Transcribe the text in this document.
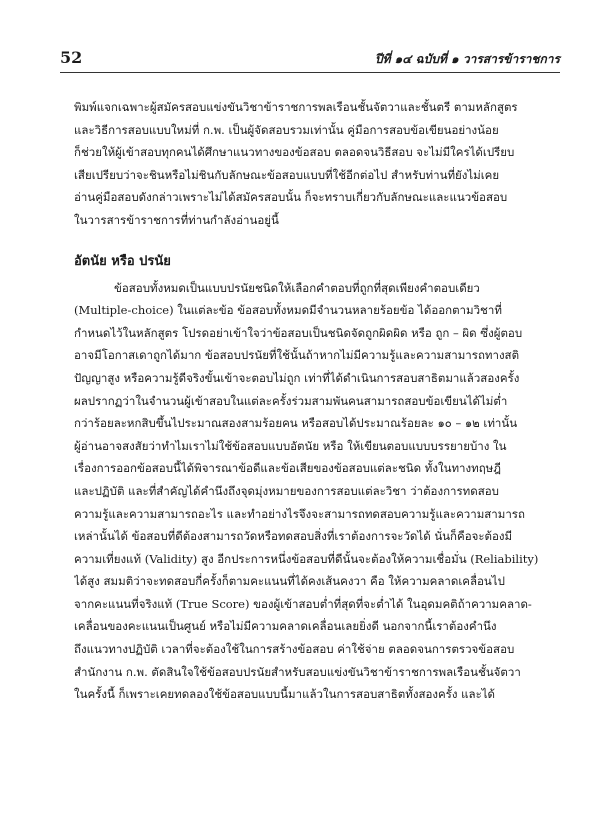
52	ปีที่ ๑๔ ฉบับที่ ๑ วารสารข้าราชการ

พิมพ์แจกเฉพาะผู้สมัครสอบแข่งขันวิชาข้าราชการพลเรือนชั้นจัตวาและชั้นตรี ตามหลักสูตร

และวิธีการสอบแบบใหม่ที่ ก.พ. เป็นผู้จัดสอบรวมเท่านั้น คู่มือการสอบข้อเขียนอย่างน้อย

ก็ช่วยให้ผู้เข้าสอบทุกคนได้ศึกษาแนวทางของข้อสอบ ตลอดจนวิธีสอบ จะไม่มีใครได้เปรียบ

เสียเปรียบว่าจะชินหรือไม่ชินกับลักษณะข้อสอบแบบที่ใช้อีกต่อไป สำหรับท่านที่ยังไม่เคย

อ่านคู่มือสอบดังกล่าวเพราะไม่ได้สมัครสอบนั้น ก็จะทราบเกี่ยวกับลักษณะและแนวข้อสอบ

ในวารสารข้าราชการที่ท่านกำลังอ่านอยู่นี้

อัตนัย หรือ ปรนัย

ข้อสอบทั้งหมดเป็นแบบปรนัยชนิดให้เลือกคำตอบที่ถูกที่สุดเพียงคำตอบเดียว

(Multiple-choice) ในแต่ละข้อ ข้อสอบทั้งหมดมีจำนวนหลายร้อยข้อ ได้ออกตามวิชาที่

กำหนดไว้ในหลักสูตร โปรดอย่าเข้าใจว่าข้อสอบเป็นชนิดจัดถูกผิดผิด หรือ ถูก – ผิด ซึ่งผู้ตอบ

อาจมีโอกาสเดาถูกได้มาก ข้อสอบปรนัยที่ใช้นั้นถ้าหากไม่มีความรู้และความสามารถทางสติ

ปัญญาสูง หรือความรู้ดีจริงขั้นเข้าจะตอบไม่ถูก เท่าที่ได้ดำเนินการสอบสาธิตมาแล้วสองครั้ง

ผลปรากฏว่าในจำนวนผู้เข้าสอบในแต่ละครั้งร่วมสามพันคนสามารถสอบข้อเขียนได้ไม่ต่ำ

กว่าร้อยละหกสิบขึ้นไประมาณสองสามร้อยคน หรือสอบได้ประมาณร้อยละ ๑๐ – ๑๒ เท่านั้น

ผู้อ่านอาจสงสัยว่าทำไมเราไม่ใช้ข้อสอบแบบอัตนัย หรือ ให้เขียนตอบแบบบรรยายบ้าง ใน

เรื่องการออกข้อสอบนี้ได้พิจารณาข้อดีและข้อเสียของข้อสอบแต่ละชนิด ทั้งในทางทฤษฎี

และปฏิบัติ และที่สำคัญได้คำนึงถึงจุดมุ่งหมายของการสอบแต่ละวิชา ว่าต้องการทดสอบ

ความรู้และความสามารถอะไร และทำอย่างไรจึงจะสามารถทดสอบความรู้และความสามารถ

เหล่านั้นได้ ข้อสอบที่ดีต้องสามารถวัดหรือทดสอบสิ่งที่เราต้องการจะวัดได้ นั่นก็คือจะต้องมี

ความเที่ยงแท้ (Validity) สูง อีกประการหนึ่งข้อสอบที่ดีนั้นจะต้องให้ความเชื่อมั่น (Reliability)

ได้สูง สมมติว่าจะทดสอบกี่ครั้งก็ตามคะแนนที่ได้คงเส้นคงวา คือ ให้ความคลาดเคลื่อนไป

จากคะแนนที่จริงแท้ (True Score) ของผู้เข้าสอบต่ำที่สุดที่จะต่ำได้ ในอุดมคติถ้าความคลาด-

เคลื่อนของคะแนนเป็นศูนย์ หรือไม่มีความคลาดเคลื่อนเลยยิ่งดี นอกจากนี้เราต้องคำนึง

ถึงแนวทางปฏิบัติ เวลาที่จะต้องใช้ในการสร้างข้อสอบ ค่าใช้จ่าย ตลอดจนการตรวจข้อสอบ

สำนักงาน ก.พ. ตัดสินใจใช้ข้อสอบปรนัยสำหรับสอบแข่งขันวิชาข้าราชการพลเรือนชั้นจัตวา

ในครั้งนี้ ก็เพราะเคยทดลองใช้ข้อสอบแบบนี้มาแล้วในการสอบสาธิตทั้งสองครั้ง และได้
